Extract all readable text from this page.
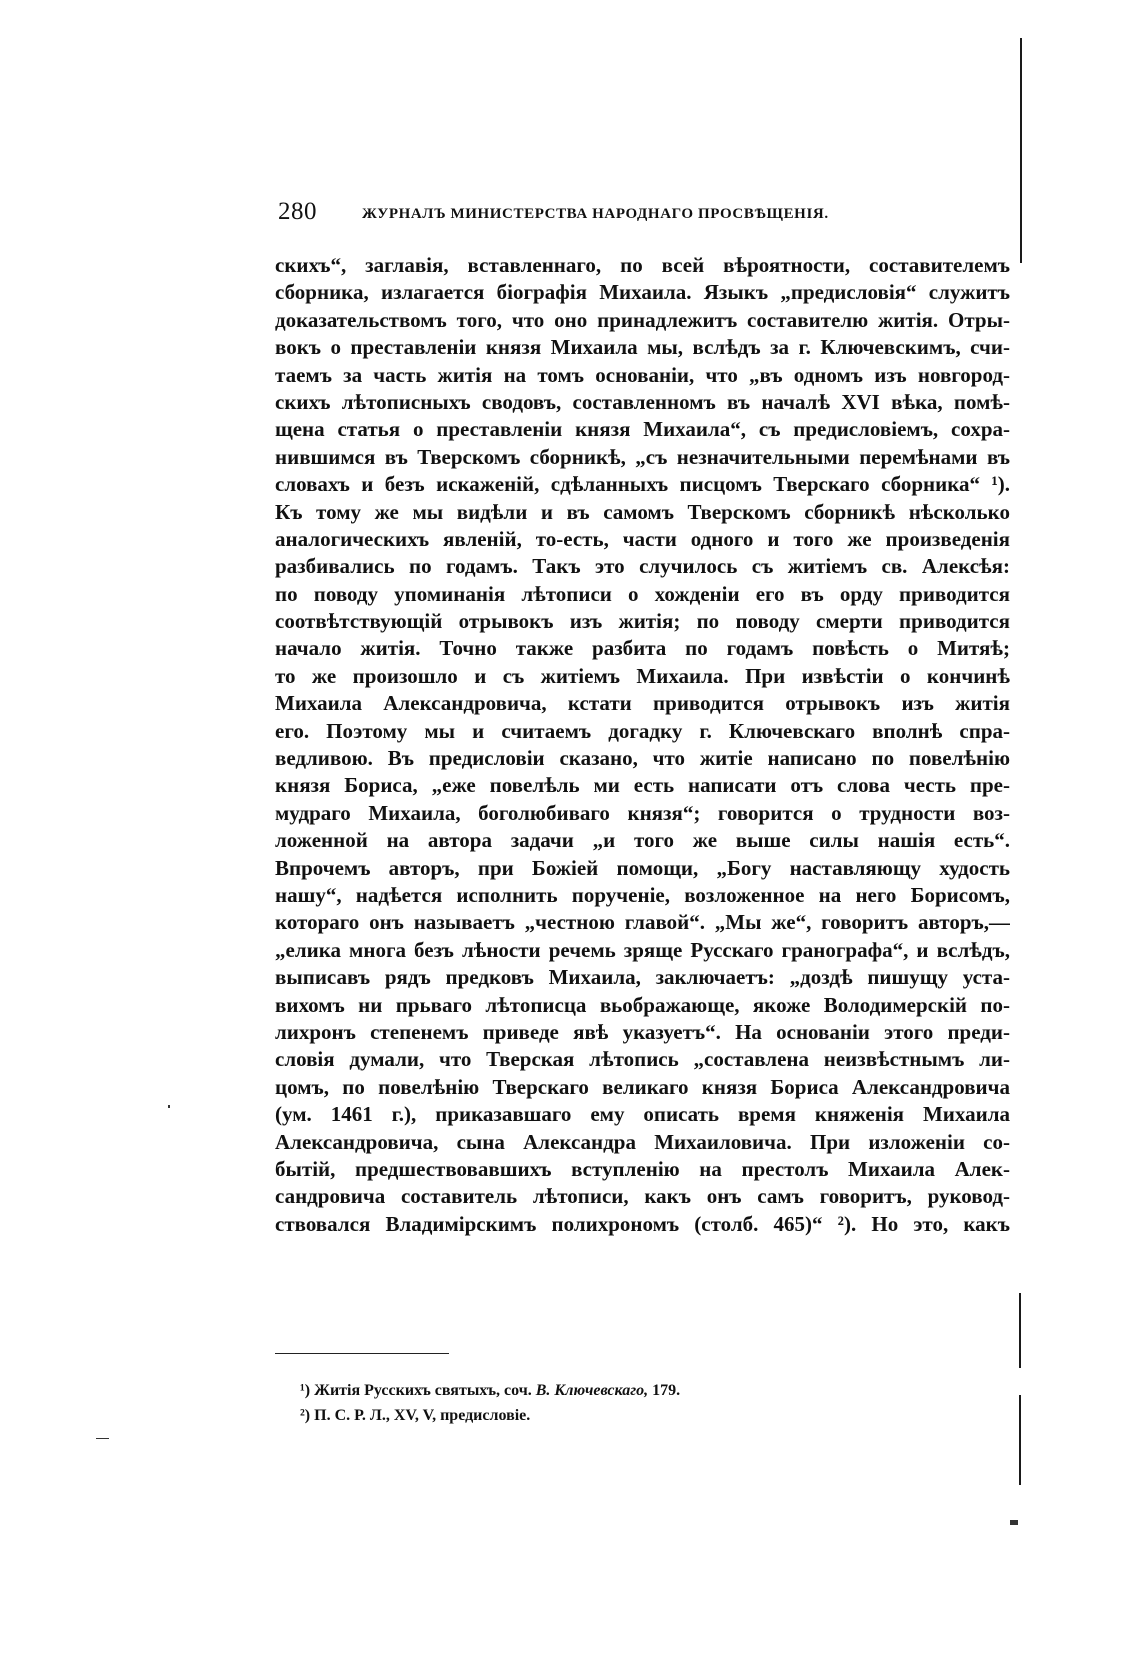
280	ЖУРНАЛЪ МИНИСТЕРСТВА НАРОДНАГО ПРОСВѢЩЕНІЯ.
скихъ“, заглавія, вставленнаго, по всей вѣроятности, составителемъ
сборника, излагается біографія Михаила. Языкъ „предисловія“ служитъ
доказательствомъ того, что оно принадлежитъ составителю житія. Отры-
вокъ о преставленіи князя Михаила мы, вслѣдъ за г. Ключевскимъ, счи-
таемъ за часть житія на томъ основаніи, что „въ одномъ изъ новгород-
скихъ лѣтописныхъ сводовъ, составленномъ въ началѣ XVI вѣка, помѣ-
щена статья о преставленіи князя Михаила“, съ предисловіемъ, сохра-
нившимся въ Тверскомъ сборникѣ, „съ незначительными перемѣнами въ
словахъ и безъ искаженій, сдѣланныхъ писцомъ Тверскаго сборника“ ¹).
Къ тому же мы видѣли и въ самомъ Тверскомъ сборникѣ нѣсколько
аналогическихъ явленій, то-есть, части одного и того же произведенія
разбивались по годамъ. Такъ это случилось съ житіемъ св. Алексѣя:
по поводу упоминанія лѣтописи о хожденіи его въ орду приводится
соотвѣтствующій отрывокъ изъ житія; по поводу смерти приводится
начало житія. Точно также разбита по годамъ повѣсть о Митяѣ;
то же произошло и съ житіемъ Михаила. При извѣстіи о кончинѣ
Михаила Александровича, кстати приводится отрывокъ изъ житія
его. Поэтому мы и считаемъ догадку г. Ключевскаго вполнѣ спра-
ведливою. Въ предисловіи сказано, что житіе написано по повелѣнію
князя Бориса, „еже повелѣль ми есть написати отъ слова честь пре-
мудраго Михаила, боголюбиваго князя“; говорится о трудности воз-
ложенной на автора задачи „и того же выше силы нашія есть“.
Впрочемъ авторъ, при Божіей помощи, „Богу наставляющу худость
нашу“, надѣется исполнить порученіе, возложенное на него Борисомъ,
котораго онъ называетъ „честною главой“. „Мы же“, говоритъ авторъ,—
„елика многа безъ лѣности речемь зряще Русскаго гранографа“, и вслѣдъ,
выписавъ рядъ предковъ Михаила, заключаетъ: „доздѣ пишущу уста-
вихомъ ни прьваго лѣтописца вьображающе, якоже Володимерскій по-
лихронъ степенемъ приведе явѣ указуетъ“. На основаніи этого преди-
словія думали, что Тверская лѣтопись „составлена неизвѣстнымъ ли-
цомъ, по повелѣнію Тверскаго великаго князя Бориса Александровича
(ум. 1461 г.), приказавшаго ему описать время княженія Михаила
Александровича, сына Александра Михаиловича. При изложеніи со-
бытій, предшествовавшихъ вступленію на престолъ Михаила Алек-
сандровича составитель лѣтописи, какъ онъ самъ говоритъ, руковод-
ствовался Владимірскимъ полихрономъ (столб. 465)“ ²). Но это, какъ
¹) Житія Русскихъ святыхъ, соч. В. Ключевскаго, 179.
²) П. С. Р. Л., XV, V, предисловіе.
